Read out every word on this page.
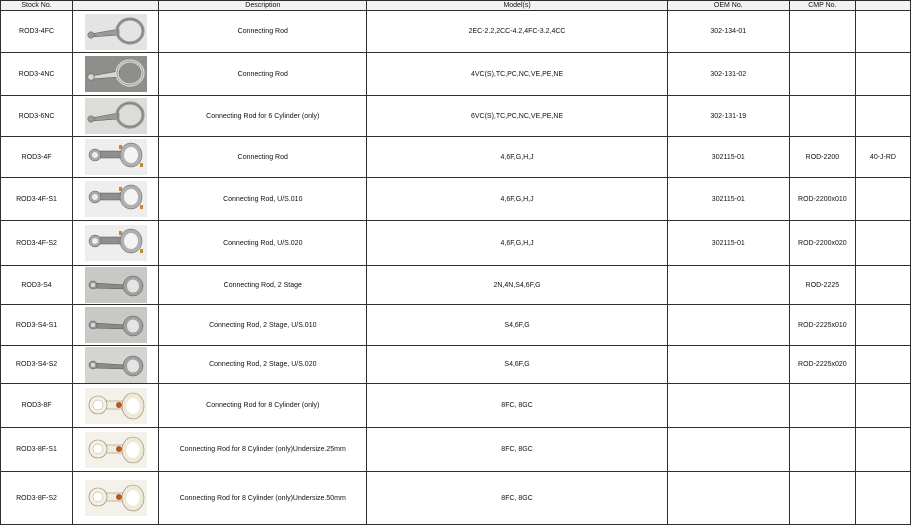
Stock No.		Description	Model(s)	OEM No.	CMP No.	
ROD3-4FC		Connecting Rod	2EC-2.2,2CC-4.2,4FC-3.2,4CC	302-134-01		
ROD3-4NC		Connecting Rod	4VC(S),TC,PC,NC,VE,PE,NE	302-131-02		
ROD3-6NC		Connecting Rod for 6 Cylinder (only)	6VC(S),TC,PC,NC,VE,PE,NE	302-131-19		
ROD3-4F		Connecting Rod	4,6F,G,H,J	302115-01	ROD-2200	40-J-RD
ROD3-4F-S1		Connecting Rod, U/S.010	4,6F,G,H,J	302115-01	ROD-2200x010	
ROD3-4F-S2		Connecting Rod, U/S.020	4,6F,G,H,J	302115-01	ROD-2200x020	
ROD3-S4		Connecting Rod, 2 Stage	2N,4N,S4,6F,G		ROD-2225	
ROD3-S4-S1		Connecting Rod, 2 Stage, U/S.010	S4,6F,G		ROD-2225x010	
ROD3-S4-S2		Connecting Rod, 2 Stage, U/S.020	S4,6F,G		ROD-2225x020	
ROD3-8F		Connecting Rod for 8 Cylinder (only)	8FC, 8GC			
ROD3-8F-S1		Connecting Rod for 8 Cylinder (only)Undersize.25mm	8FC, 8GC			
ROD3-8F-S2		Connecting Rod for 8 Cylinder (only)Undersize.50mm	8FC, 8GC			
